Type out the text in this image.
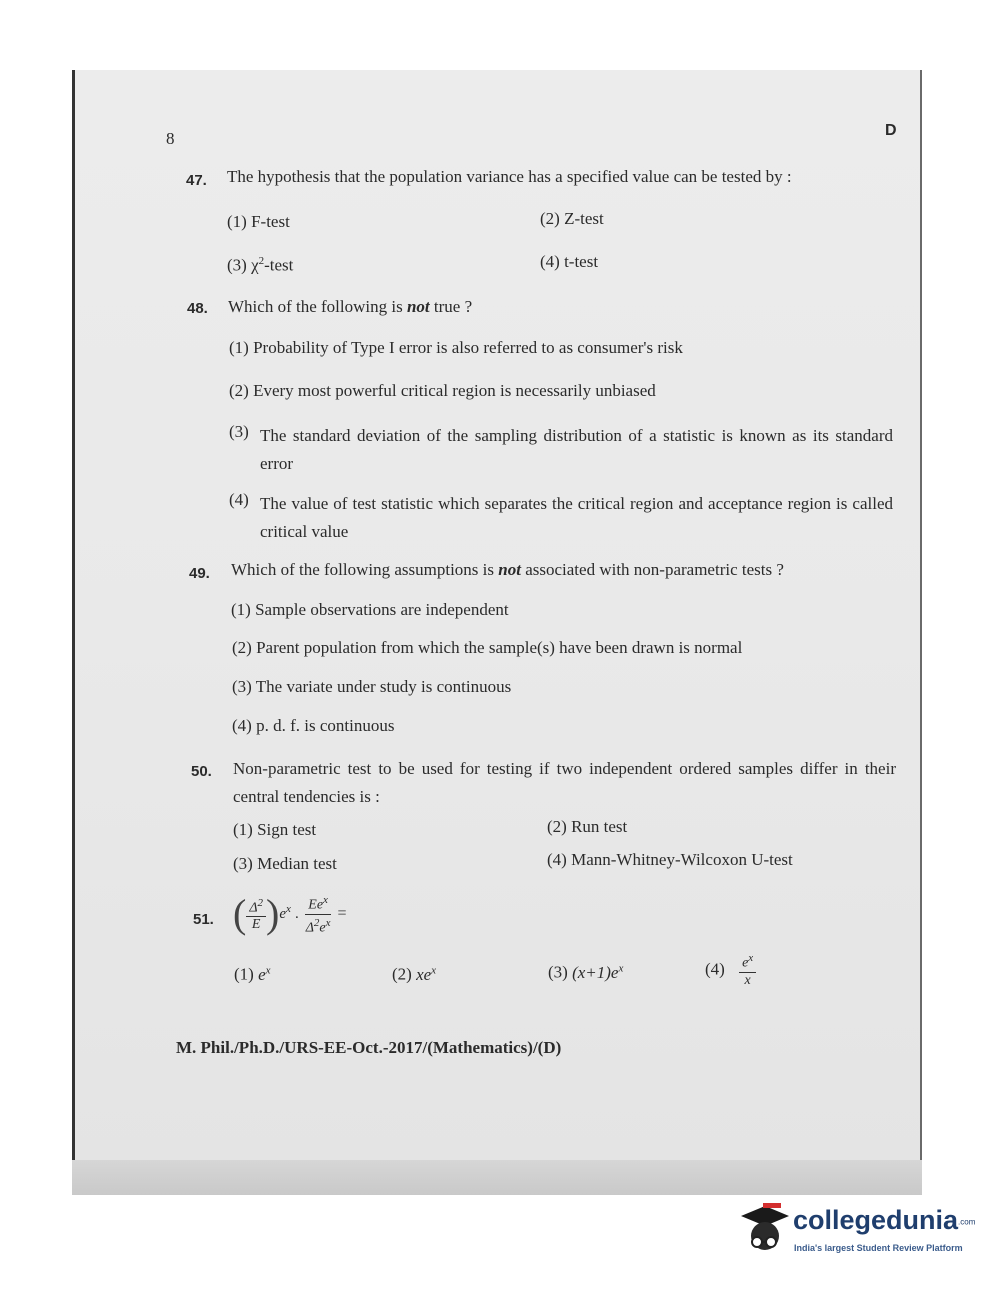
8	D
47. The hypothesis that the population variance has a specified value can be tested by :
(1) F-test	(2) Z-test
(3) $\chi^2$-test	(4) t-test
48. Which of the following is not true ?
(1) Probability of Type I error is also referred to as consumer's risk
(2) Every most powerful critical region is necessarily unbiased
(3) The standard deviation of the sampling distribution of a statistic is known as its standard error
(4) The value of test statistic which separates the critical region and acceptance region is called critical value
49. Which of the following assumptions is not associated with non-parametric tests ?
(1) Sample observations are independent
(2) Parent population from which the sample(s) have been drawn is normal
(3) The variate under study is continuous
(4) p. d. f. is continuous
50. Non-parametric test to be used for testing if two independent ordered samples differ in their central tendencies is :
(1) Sign test	(2) Run test
(3) Median test	(4) Mann-Whitney-Wilcoxon U-test
51. ( $\frac{\Delta^2}{E} )e^x$ . $\frac{Ee^x}{\Delta^2e^x}$ =
(1) $e^x$	(2) $xe^x$	(3) $(x+1)e^x$	$(4) \frac{e^x}{x}$
M. Phil./Ph.D./URS-EE-Oct.-2017/(Mathematics)/(D)
collegedunia.com
India's largest Student Review Platform
